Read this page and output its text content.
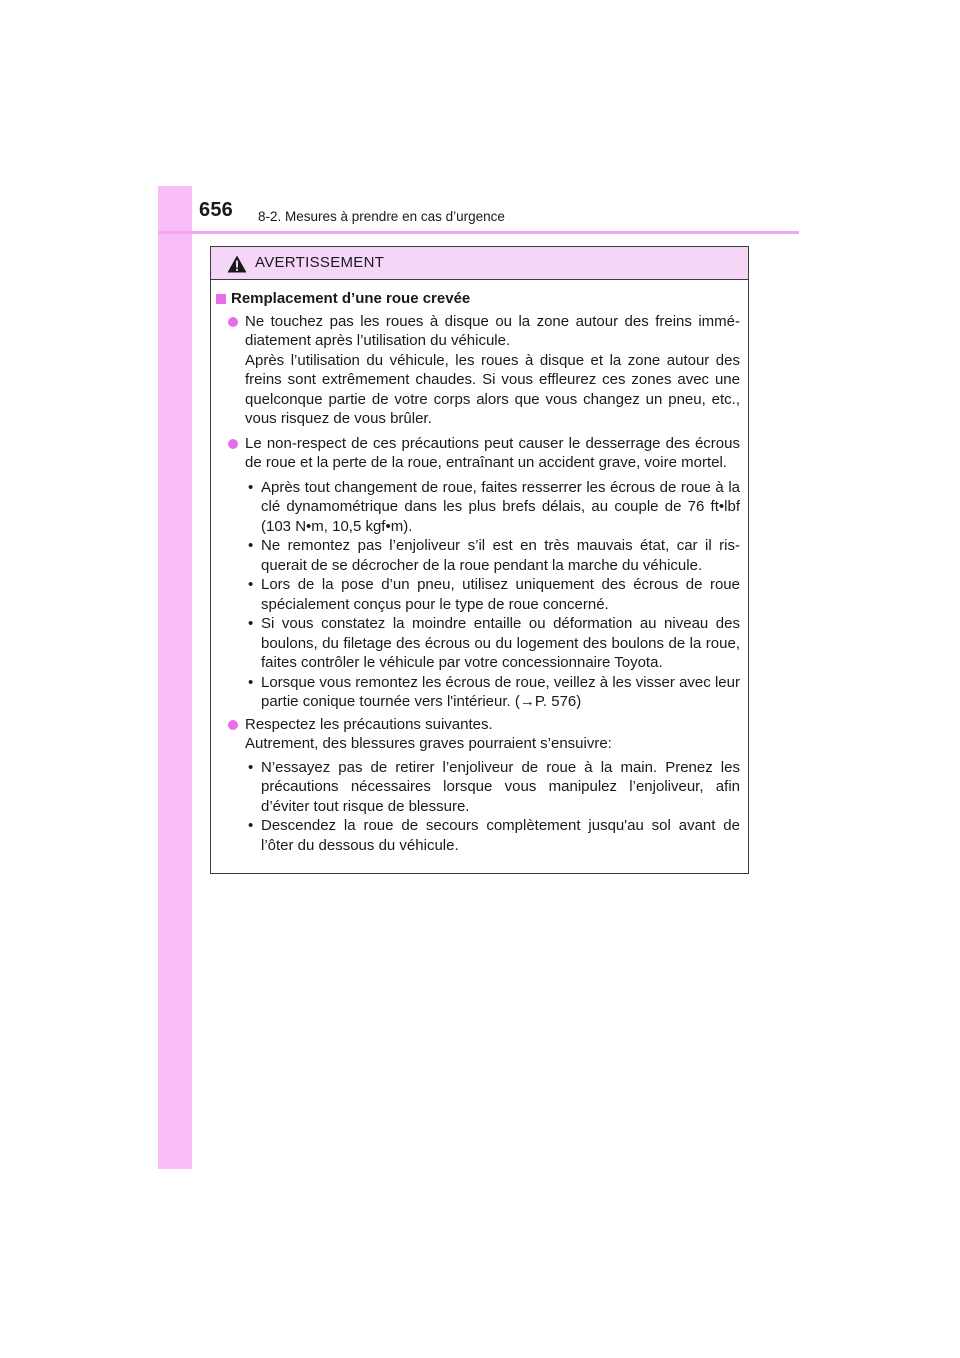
656 8-2. Mesures à prendre en cas d’urgence
AVERTISSEMENT
Remplacement d’une roue crevée
Ne touchez pas les roues à disque ou la zone autour des freins immé-diatement après l’utilisation du véhicule.
Après l’utilisation du véhicule, les roues à disque et la zone autour des freins sont extrêmement chaudes. Si vous effleurez ces zones avec une quelconque partie de votre corps alors que vous changez un pneu, etc., vous risquez de vous brûler.
Le non-respect de ces précautions peut causer le desserrage des écrous de roue et la perte de la roue, entraînant un accident grave, voire mortel.
• Après tout changement de roue, faites resserrer les écrous de roue à la clé dynamométrique dans les plus brefs délais, au couple de 76 ft•lbf (103 N•m, 10,5 kgf•m).
• Ne remontez pas l’enjoliveur s’il est en très mauvais état, car il ris-querait de se décrocher de la roue pendant la marche du véhicule.
• Lors de la pose d’un pneu, utilisez uniquement des écrous de roue spécialement conçus pour le type de roue concerné.
• Si vous constatez la moindre entaille ou déformation au niveau des boulons, du filetage des écrous ou du logement des boulons de la roue, faites contrôler le véhicule par votre concessionnaire Toyota.
• Lorsque vous remontez les écrous de roue, veillez à les visser avec leur partie conique tournée vers l'intérieur. (→P. 576)
Respectez les précautions suivantes.
Autrement, des blessures graves pourraient s’ensuivre:
• N’essayez pas de retirer l’enjoliveur de roue à la main. Prenez les précautions nécessaires lorsque vous manipulez l’enjoliveur, afin d’éviter tout risque de blessure.
• Descendez la roue de secours complètement jusqu'au sol avant de l’ôter du dessous du véhicule.
